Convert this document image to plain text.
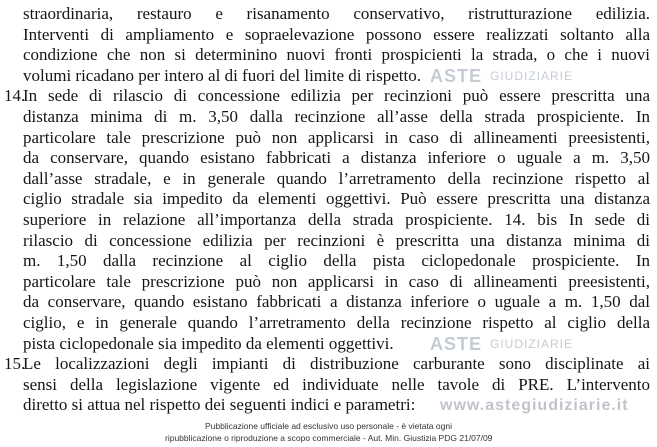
ASTE GIUDIZIARIE
ASTE GIUDIZIARIE
www.astegiudiziarie.it
straordinaria, restauro e risanamento conservativo, ristrutturazione edilizia.
Interventi di ampliamento e sopraelevazione possono essere realizzati soltanto alla
condizione che non si determinino nuovi fronti prospicienti la strada, o che i nuovi
volumi ricadano per intero al di fuori del limite di rispetto.
14.
In sede di rilascio di concessione edilizia per recinzioni può essere prescritta una
distanza minima di m. 3,50 dalla recinzione all’asse della strada prospiciente. In
particolare tale prescrizione può non applicarsi in caso di allineamenti preesistenti,
da conservare, quando esistano fabbricati a distanza inferiore o uguale a m. 3,50
dall’asse stradale, e in generale quando l’arretramento della recinzione rispetto al
ciglio stradale sia impedito da elementi oggettivi. Può essere prescritta una distanza
superiore in relazione all’importanza della strada prospiciente. 14. bis In sede di
rilascio di concessione edilizia per recinzioni è prescritta una distanza minima di
m. 1,50 dalla recinzione al ciglio della pista ciclopedonale prospiciente. In
particolare tale prescrizione può non applicarsi in caso di allineamenti preesistenti,
da conservare, quando esistano fabbricati a distanza inferiore o uguale a m. 1,50 dal
ciglio, e in generale quando l’arretramento della recinzione rispetto al ciglio della
pista ciclopedonale sia impedito da elementi oggettivi.
15.
Le localizzazioni degli impianti di distribuzione carburante sono disciplinate ai
sensi della legislazione vigente ed individuate nelle tavole di PRE. L’intervento
diretto si attua nel rispetto dei seguenti indici e parametri:
Pubblicazione ufficiale ad esclusivo uso personale - è vietata ogni
ripubblicazione o riproduzione a scopo commerciale - Aut. Min. Giustizia PDG 21/07/09
